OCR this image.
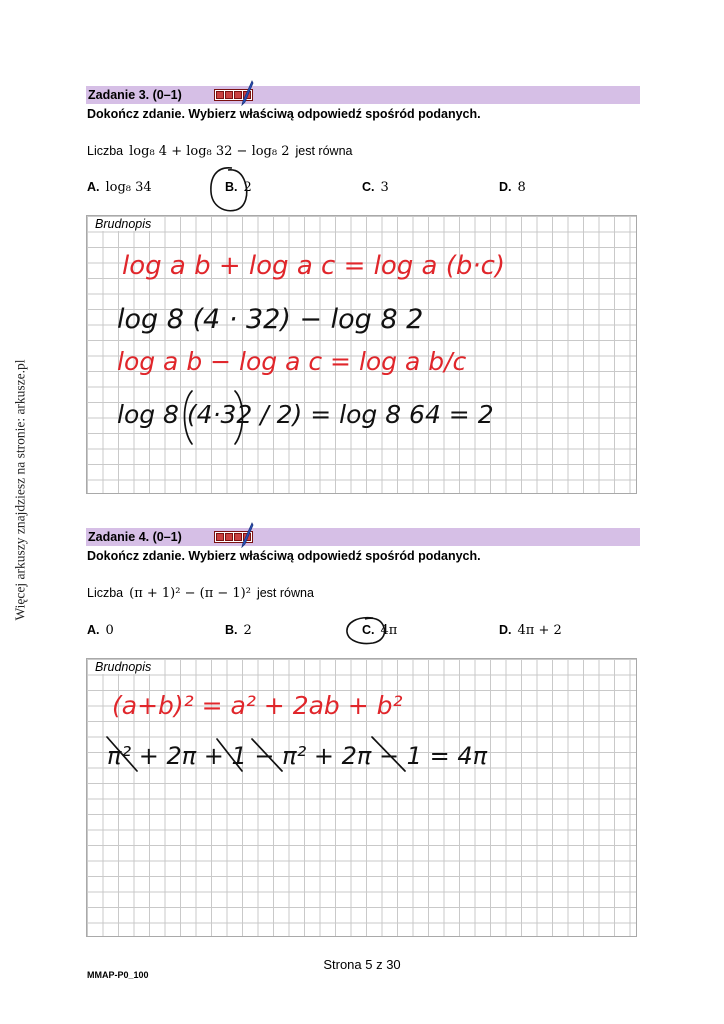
Więcej arkuszy znajdziesz na stronie: arkusze.pl
Zadanie 3. (0–1)
Dokończ zdanie. Wybierz właściwą odpowiedź spośród podanych.
Liczba log₈ 4 + log₈ 32 − log₈ 2 jest równa
A. log₈ 34	B. 2	C. 3	D. 8
Brudnopis
log a b + log a c = log a (b·c)
log 8 (4 · 32) − log 8 2
log a b − log a c = log a b/c
log 8 (4·32 / 2) = log 8 64 = 2
Zadanie 4. (0–1)
Dokończ zdanie. Wybierz właściwą odpowiedź spośród podanych.
Liczba (π + 1)² − (π − 1)² jest równa
A. 0	B. 2	C. 4π	D. 4π + 2
Brudnopis
(a+b)² = a² + 2ab + b²
π² + 2π + 1 − π² + 2π − 1 = 4π
Strona 5 z 30
MMAP-P0_100
